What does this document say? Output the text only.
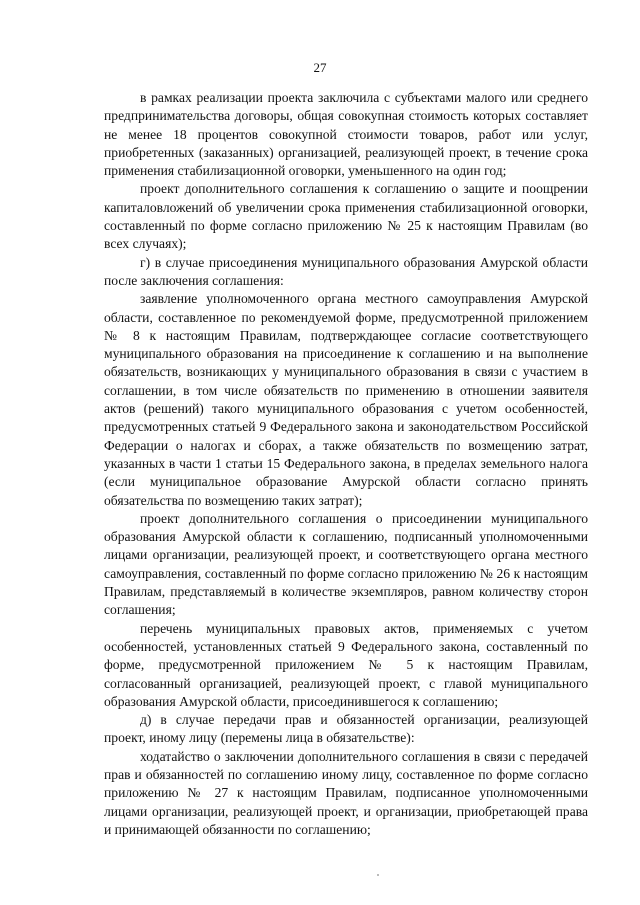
27

в рамках реализации проекта заключила с субъектами малого или среднего предпринимательства договоры, общая совокупная стоимость которых составляет не менее 18 процентов совокупной стоимости товаров, работ или услуг, приобретенных (заказанных) организацией, реализующей проект, в течение срока применения стабилизационной оговорки, уменьшенного на один год;

проект дополнительного соглашения к соглашению о защите и поощрении капиталовложений об увеличении срока применения стабилизационной оговорки, составленный по форме согласно приложению № 25 к настоящим Правилам (во всех случаях);

г) в случае присоединения муниципального образования Амурской области после заключения соглашения:

заявление уполномоченного органа местного самоуправления Амурской области, составленное по рекомендуемой форме, предусмотренной приложением № 8 к настоящим Правилам, подтверждающее согласие соответствующего муниципального образования на присоединение к соглашению и на выполнение обязательств, возникающих у муниципального образования в связи с участием в соглашении, в том числе обязательств по применению в отношении заявителя актов (решений) такого муниципального образования с учетом особенностей, предусмотренных статьей 9 Федерального закона и законодательством Российской Федерации о налогах и сборах, а также обязательств по возмещению затрат, указанных в части 1 статьи 15 Федерального закона, в пределах земельного налога (если муниципальное образование Амурской области согласно принять обязательства по возмещению таких затрат);

проект дополнительного соглашения о присоединении муниципального образования Амурской области к соглашению, подписанный уполномоченными лицами организации, реализующей проект, и соответствующего органа местного самоуправления, составленный по форме согласно приложению № 26 к настоящим Правилам, представляемый в количестве экземпляров, равном количеству сторон соглашения;

перечень муниципальных правовых актов, применяемых с учетом особенностей, установленных статьей 9 Федерального закона, составленный по форме, предусмотренной приложением № 5 к настоящим Правилам, согласованный организацией, реализующей проект, с главой муниципального образования Амурской области, присоединившегося к соглашению;

д) в случае передачи прав и обязанностей организации, реализующей проект, иному лицу (перемены лица в обязательстве):

ходатайство о заключении дополнительного соглашения в связи с передачей прав и обязанностей по соглашению иному лицу, составленное по форме согласно приложению № 27 к настоящим Правилам, подписанное уполномоченными лицами организации, реализующей проект, и организации, приобретающей права и принимающей обязанности по соглашению;
